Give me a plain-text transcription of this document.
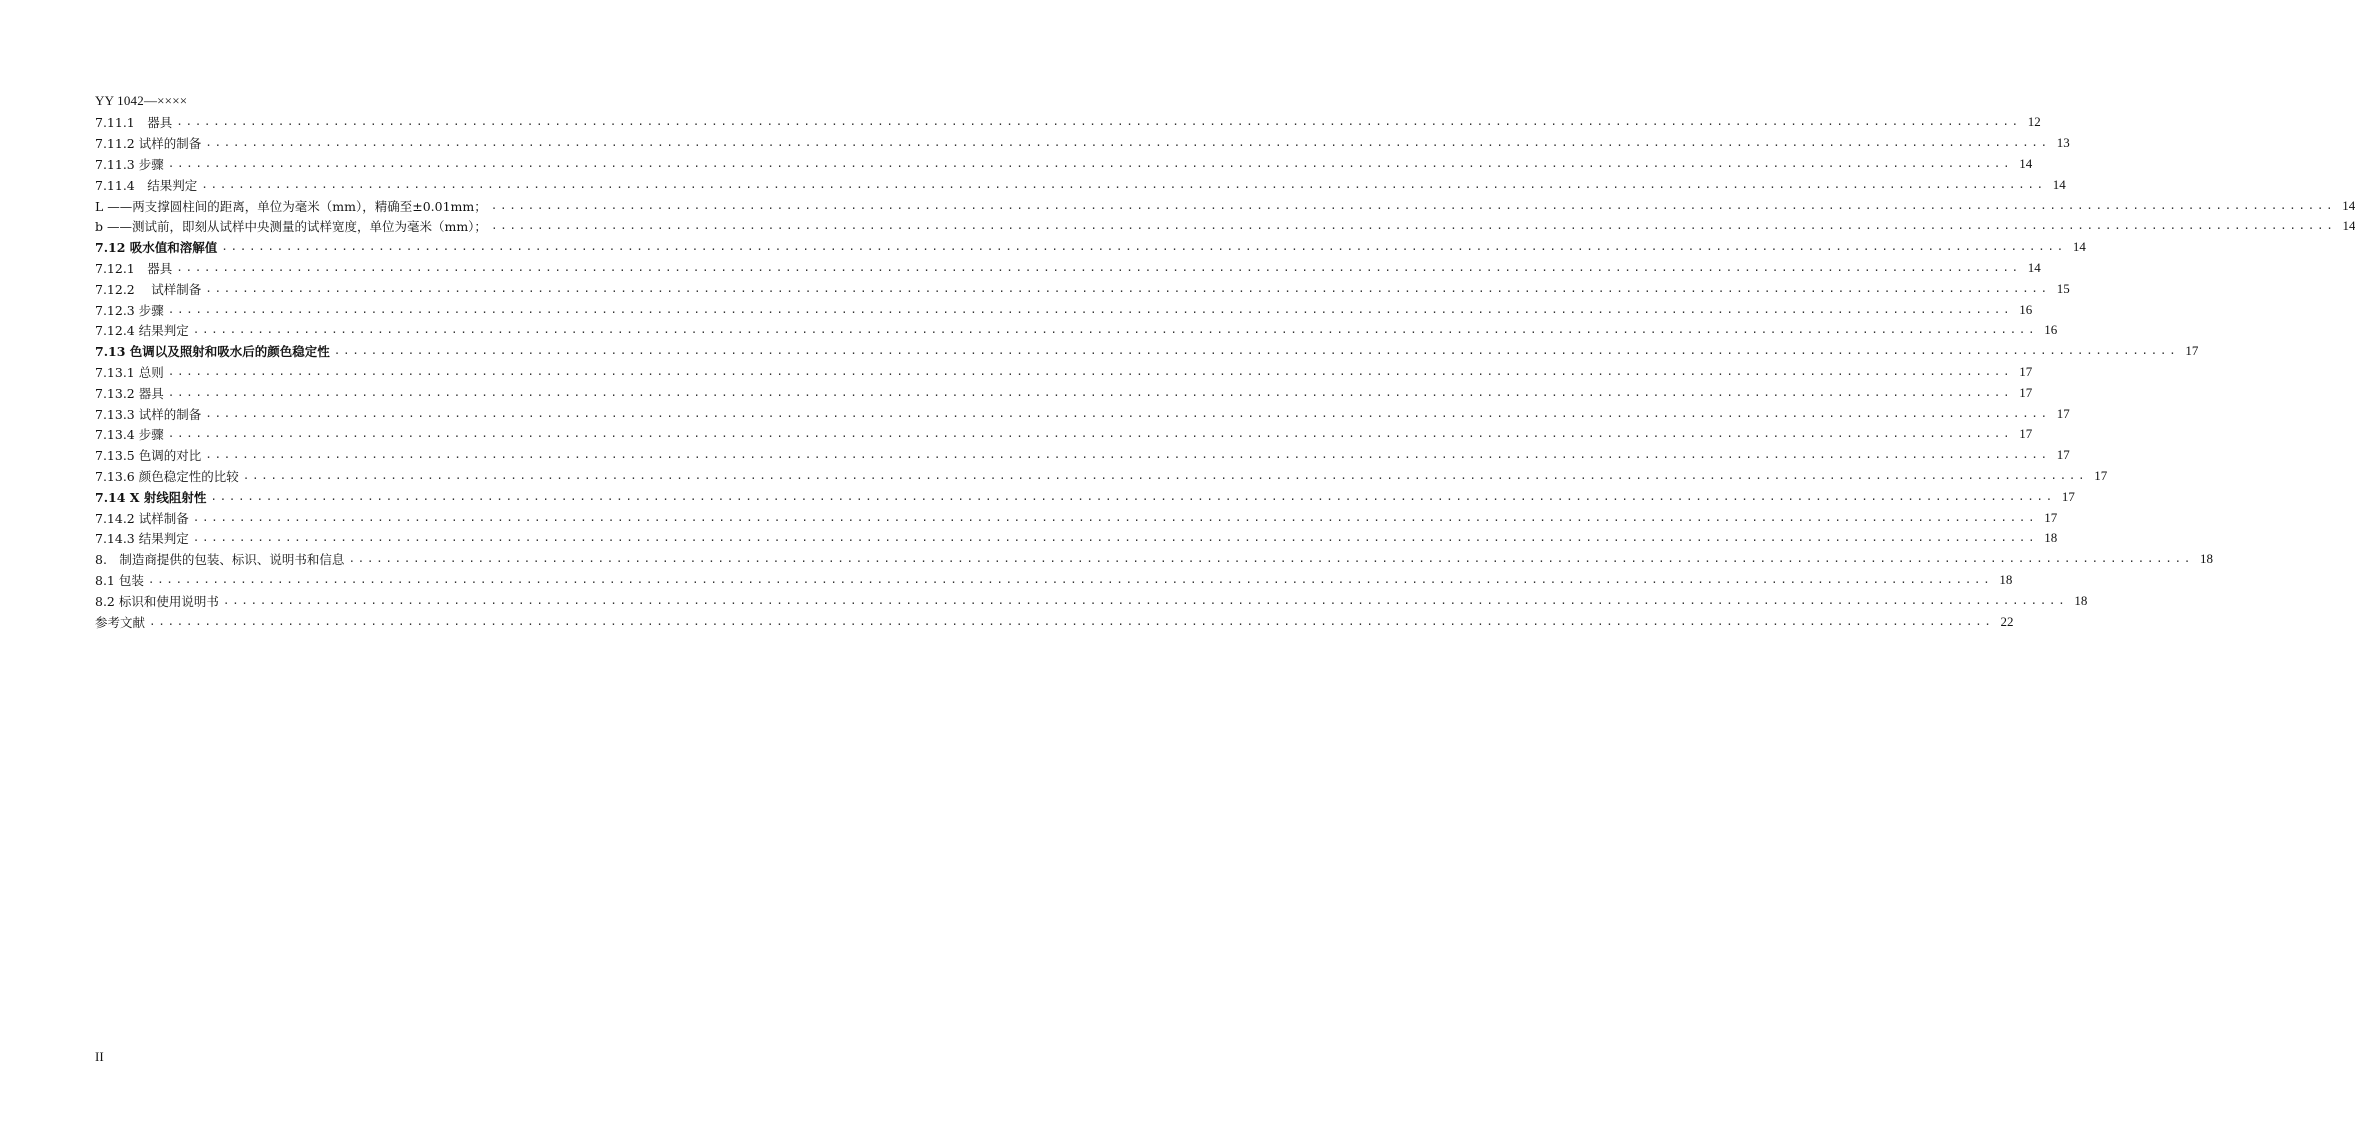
YY 1042—××××
7.11.1　器具 ........................................................................................................................................................................................................ 12
7.11.2 试样的制备 ........................................................................................................................................................................................................ 13
7.11.3 步骤 ........................................................................................................................................................................................................ 14
7.11.4　结果判定 ........................................................................................................................................................................................................ 14
L ——两支撑圆柱间的距离，单位为毫米（mm），精确至±0.01mm； ........................................................................................................................................................................................................ 14
b ——测试前，即刻从试样中央测量的试样宽度，单位为毫米（mm）； ........................................................................................................................................................................................................ 14
7.12 吸水值和溶解值 ........................................................................................................................................................................................................ 14
7.12.1　器具 ........................................................................................................................................................................................................ 14
7.12.2　 试样制备 ........................................................................................................................................................................................................ 15
7.12.3 步骤 ........................................................................................................................................................................................................ 16
7.12.4 结果判定 ........................................................................................................................................................................................................ 16
7.13 色调以及照射和吸水后的颜色稳定性 ........................................................................................................................................................................................................ 17
7.13.1 总则 ........................................................................................................................................................................................................ 17
7.13.2 器具 ........................................................................................................................................................................................................ 17
7.13.3 试样的制备 ........................................................................................................................................................................................................ 17
7.13.4 步骤 ........................................................................................................................................................................................................ 17
7.13.5 色调的对比 ........................................................................................................................................................................................................ 17
7.13.6 颜色稳定性的比较 ........................................................................................................................................................................................................ 17
7.14 X 射线阻射性 ........................................................................................................................................................................................................ 17
7.14.2 试样制备 ........................................................................................................................................................................................................ 17
7.14.3 结果判定 ........................................................................................................................................................................................................ 18
8.　制造商提供的包装、标识、说明书和信息 ........................................................................................................................................................................................................ 18
8.1 包装 ........................................................................................................................................................................................................ 18
8.2 标识和使用说明书 ........................................................................................................................................................................................................ 18
参考文献 ........................................................................................................................................................................................................ 22
II
